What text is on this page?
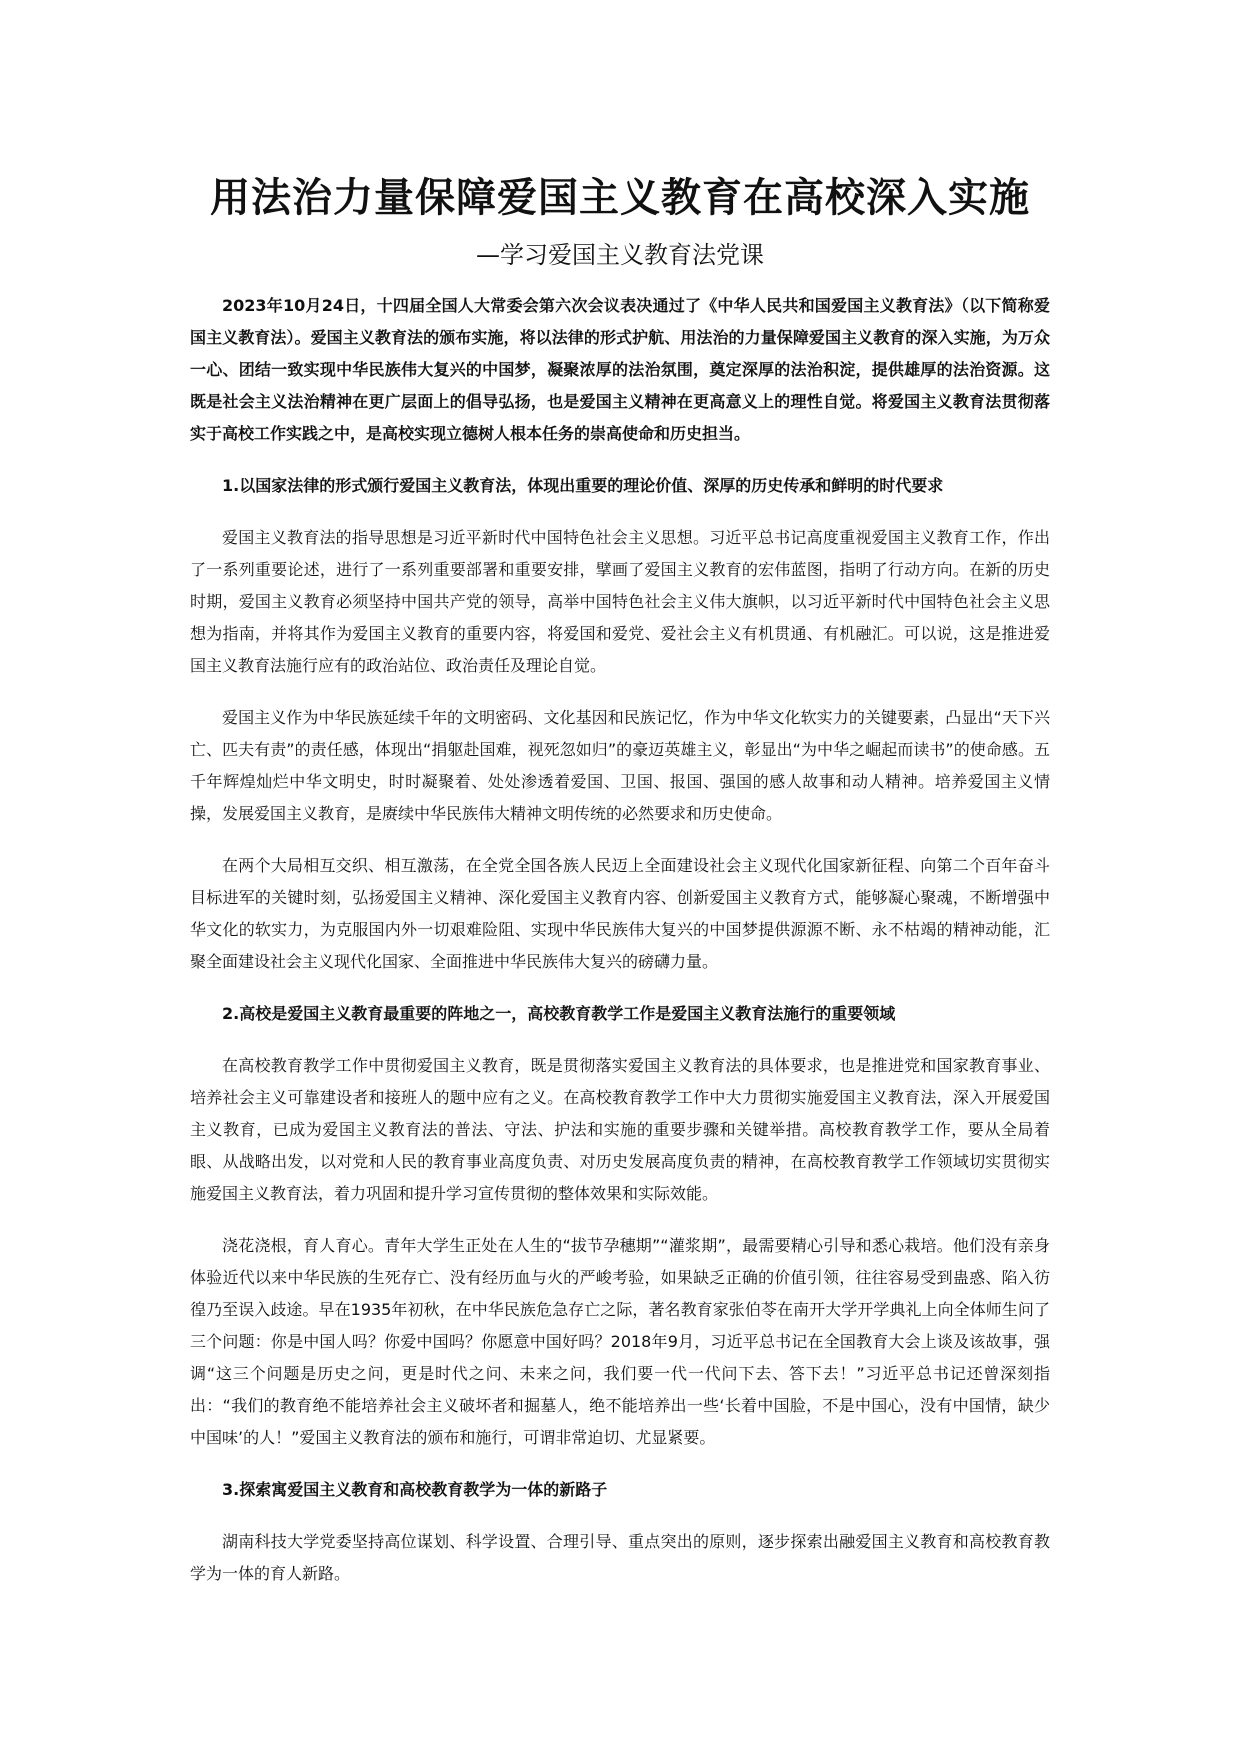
用法治力量保障爱国主义教育在高校深入实施
—学习爱国主义教育法党课

2023年10月24日，十四届全国人大常委会第六次会议表决通过了《中华人民共和国爱国主义教育法》（以下简称爱国主义教育法）。爱国主义教育法的颁布实施，将以法律的形式护航、用法治的力量保障爱国主义教育的深入实施，为万众一心、团结一致实现中华民族伟大复兴的中国梦，凝聚浓厚的法治氛围，奠定深厚的法治积淀，提供雄厚的法治资源。这既是社会主义法治精神在更广层面上的倡导弘扬，也是爱国主义精神在更高意义上的理性自觉。将爱国主义教育法贯彻落实于高校工作实践之中，是高校实现立德树人根本任务的崇高使命和历史担当。

1.以国家法律的形式颁行爱国主义教育法，体现出重要的理论价值、深厚的历史传承和鲜明的时代要求

爱国主义教育法的指导思想是习近平新时代中国特色社会主义思想。习近平总书记高度重视爱国主义教育工作，作出了一系列重要论述，进行了一系列重要部署和重要安排，擘画了爱国主义教育的宏伟蓝图，指明了行动方向。在新的历史时期，爱国主义教育必须坚持中国共产党的领导，高举中国特色社会主义伟大旗帜，以习近平新时代中国特色社会主义思想为指南，并将其作为爱国主义教育的重要内容，将爱国和爱党、爱社会主义有机贯通、有机融汇。可以说，这是推进爱国主义教育法施行应有的政治站位、政治责任及理论自觉。

爱国主义作为中华民族延续千年的文明密码、文化基因和民族记忆，作为中华文化软实力的关键要素，凸显出“天下兴亡、匹夫有责”的责任感，体现出“捐躯赴国难，视死忽如归”的豪迈英雄主义，彰显出“为中华之崛起而读书”的使命感。五千年辉煌灿烂中华文明史，时时凝聚着、处处渗透着爱国、卫国、报国、强国的感人故事和动人精神。培养爱国主义情操，发展爱国主义教育，是赓续中华民族伟大精神文明传统的必然要求和历史使命。

在两个大局相互交织、相互激荡，在全党全国各族人民迈上全面建设社会主义现代化国家新征程、向第二个百年奋斗目标进军的关键时刻，弘扬爱国主义精神、深化爱国主义教育内容、创新爱国主义教育方式，能够凝心聚魂，不断增强中华文化的软实力，为克服国内外一切艰难险阻、实现中华民族伟大复兴的中国梦提供源源不断、永不枯竭的精神动能，汇聚全面建设社会主义现代化国家、全面推进中华民族伟大复兴的磅礴力量。

2.高校是爱国主义教育最重要的阵地之一，高校教育教学工作是爱国主义教育法施行的重要领域

在高校教育教学工作中贯彻爱国主义教育，既是贯彻落实爱国主义教育法的具体要求，也是推进党和国家教育事业、培养社会主义可靠建设者和接班人的题中应有之义。在高校教育教学工作中大力贯彻实施爱国主义教育法，深入开展爱国主义教育，已成为爱国主义教育法的普法、守法、护法和实施的重要步骤和关键举措。高校教育教学工作，要从全局着眼、从战略出发，以对党和人民的教育事业高度负责、对历史发展高度负责的精神，在高校教育教学工作领域切实贯彻实施爱国主义教育法，着力巩固和提升学习宣传贯彻的整体效果和实际效能。

浇花浇根，育人育心。青年大学生正处在人生的“拔节孕穗期”“灌浆期”，最需要精心引导和悉心栽培。他们没有亲身体验近代以来中华民族的生死存亡、没有经历血与火的严峻考验，如果缺乏正确的价值引领，往往容易受到蛊惑、陷入彷徨乃至误入歧途。早在1935年初秋，在中华民族危急存亡之际，著名教育家张伯苓在南开大学开学典礼上向全体师生问了三个问题：你是中国人吗？你爱中国吗？你愿意中国好吗？2018年9月，习近平总书记在全国教育大会上谈及该故事，强调“这三个问题是历史之问，更是时代之问、未来之问，我们要一代一代问下去、答下去！”习近平总书记还曾深刻指出：“我们的教育绝不能培养社会主义破坏者和掘墓人，绝不能培养出一些‘长着中国脸，不是中国心，没有中国情，缺少中国味’的人！”爱国主义教育法的颁布和施行，可谓非常迫切、尤显紧要。

3.探索寓爱国主义教育和高校教育教学为一体的新路子

湖南科技大学党委坚持高位谋划、科学设置、合理引导、重点突出的原则，逐步探索出融爱国主义教育和高校教育教学为一体的育人新路。
